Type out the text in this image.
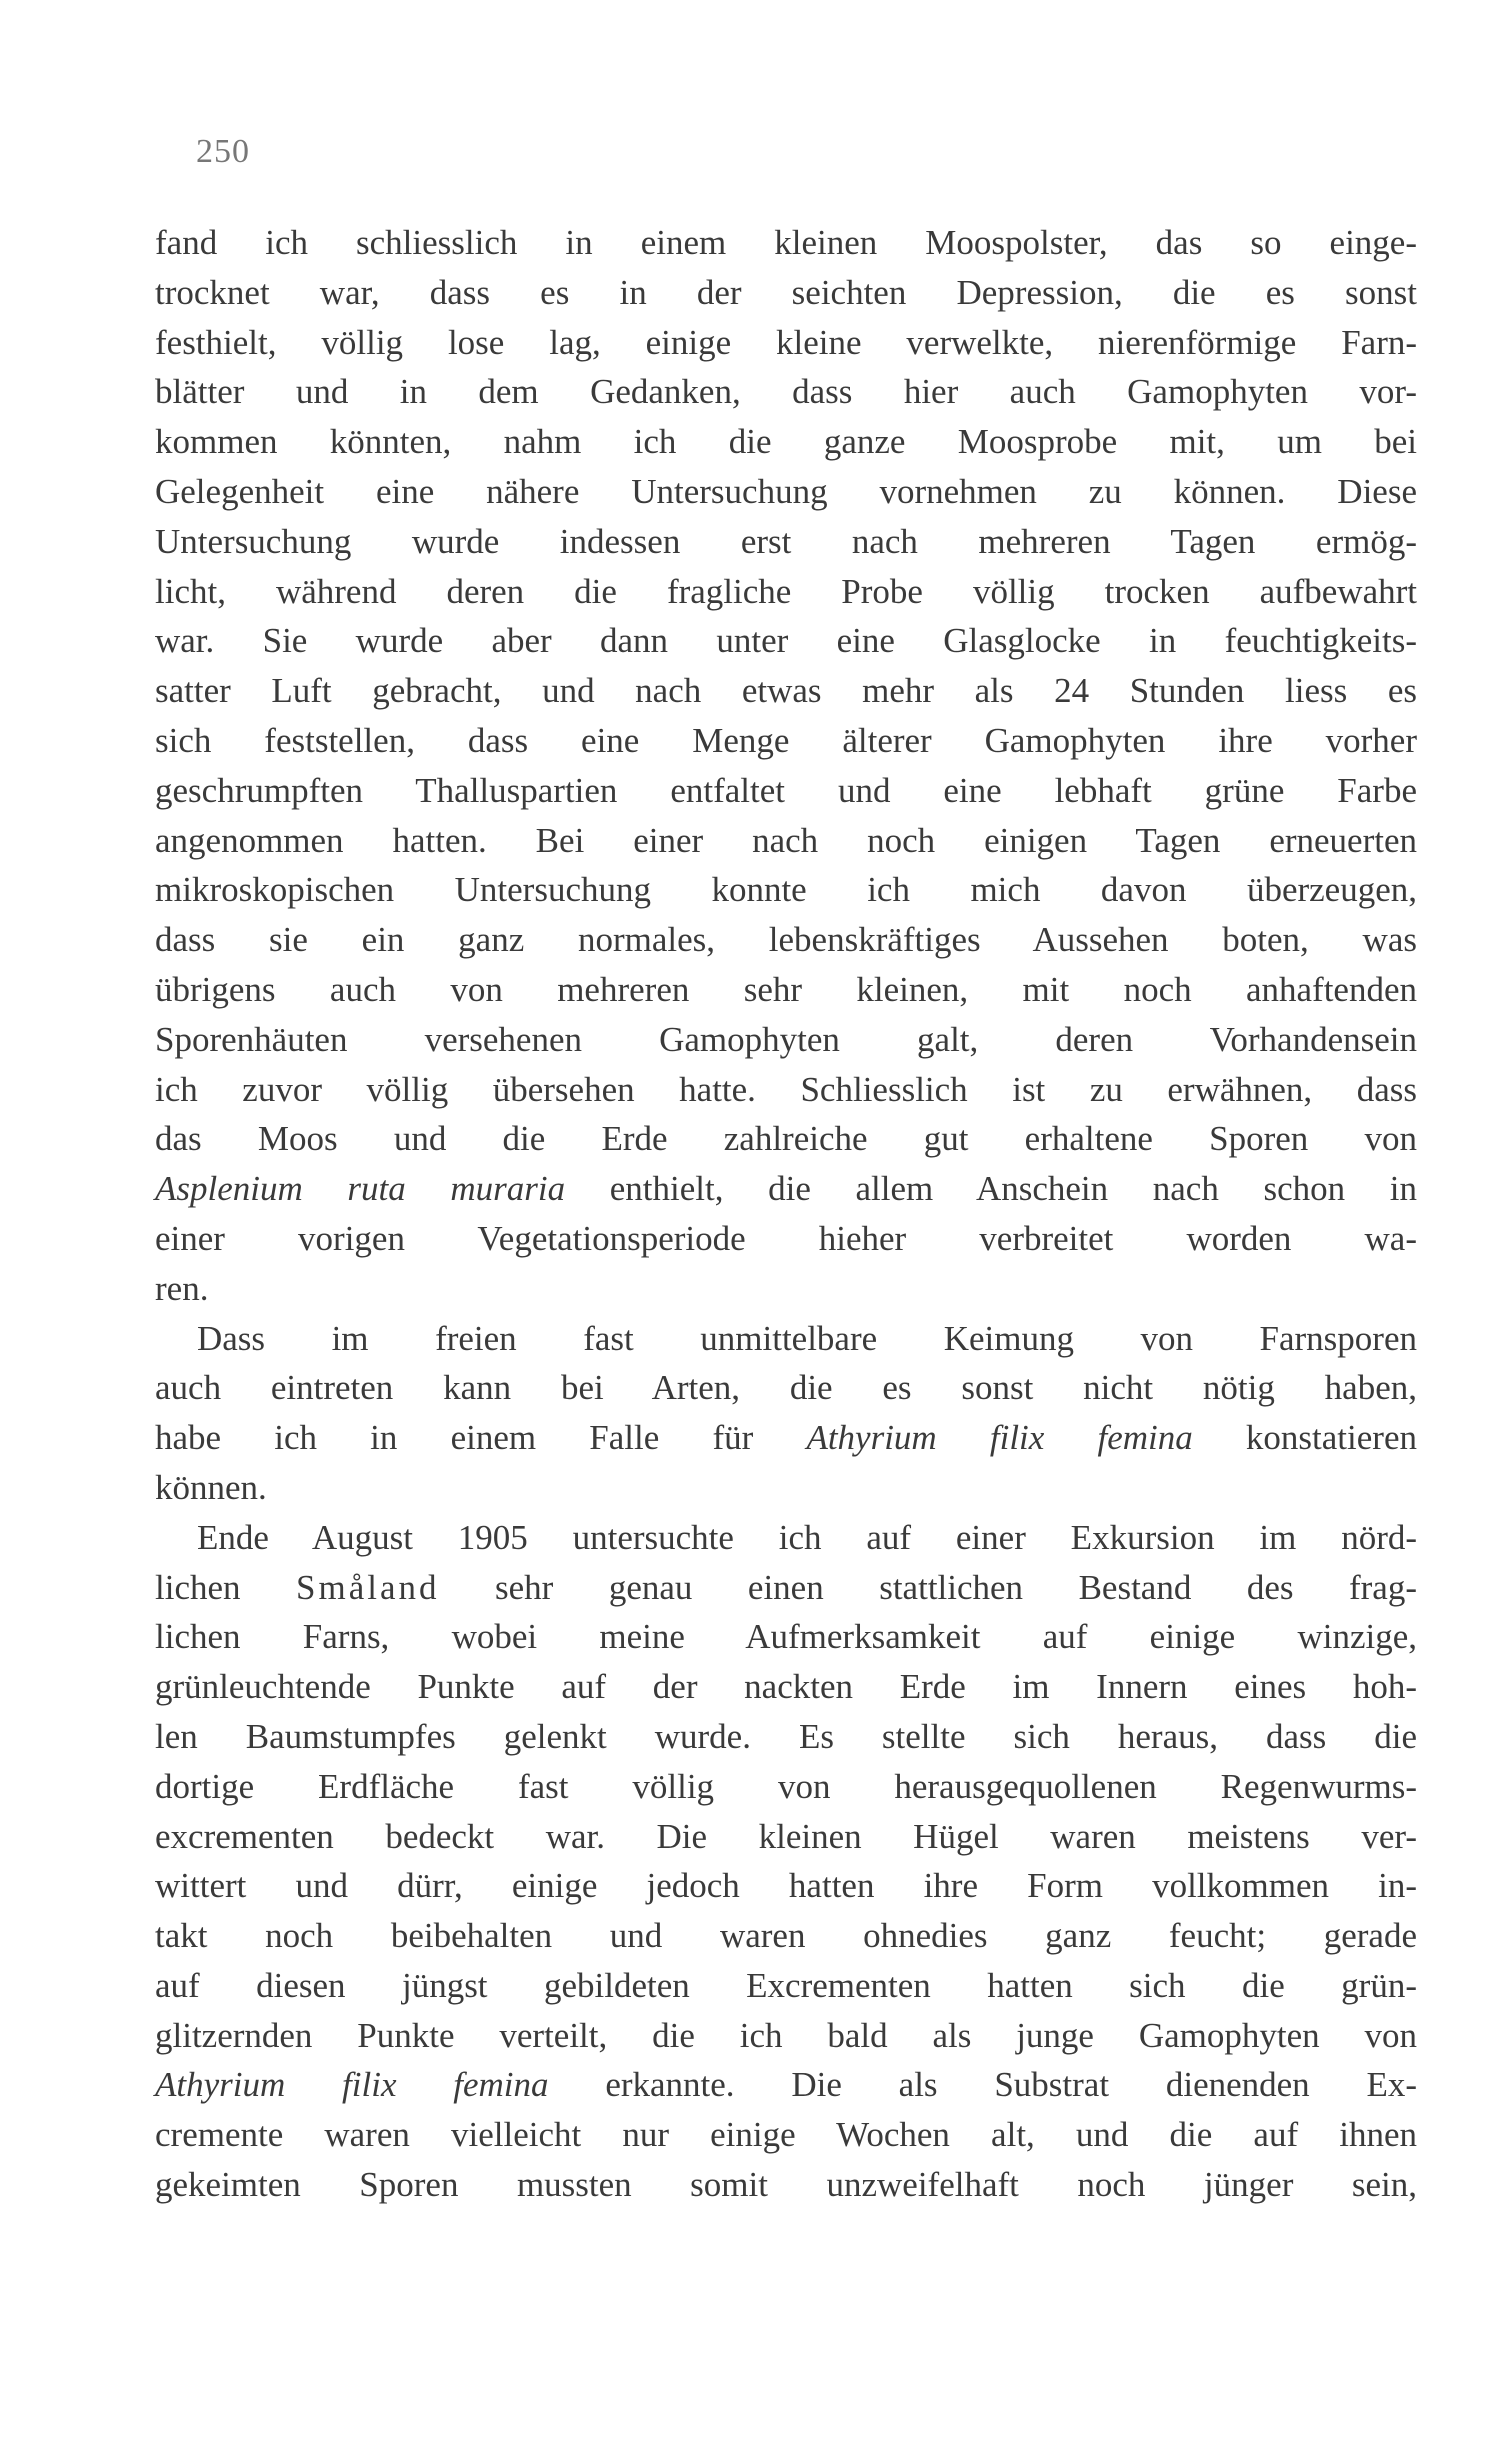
250
fand ich schliesslich in einem kleinen Moospolster, das so einge-
trocknet war, dass es in der seichten Depression, die es sonst
festhielt, völlig lose lag, einige kleine verwelkte, nierenförmige Farn-
blätter und in dem Gedanken, dass hier auch Gamophyten vor-
kommen könnten, nahm ich die ganze Moosprobe mit, um bei
Gelegenheit eine nähere Untersuchung vornehmen zu können. Diese
Untersuchung wurde indessen erst nach mehreren Tagen ermög-
licht, während deren die fragliche Probe völlig trocken aufbewahrt
war. Sie wurde aber dann unter eine Glasglocke in feuchtigkeits-
satter Luft gebracht, und nach etwas mehr als 24 Stunden liess es
sich feststellen, dass eine Menge älterer Gamophyten ihre vorher
geschrumpften Thalluspartien entfaltet und eine lebhaft grüne Farbe
angenommen hatten. Bei einer nach noch einigen Tagen erneuerten
mikroskopischen Untersuchung konnte ich mich davon überzeugen,
dass sie ein ganz normales, lebenskräftiges Aussehen boten, was
übrigens auch von mehreren sehr kleinen, mit noch anhaftenden
Sporenhäuten versehenen Gamophyten galt, deren Vorhandensein
ich zuvor völlig übersehen hatte. Schliesslich ist zu erwähnen, dass
das Moos und die Erde zahlreiche gut erhaltene Sporen von
Asplenium ruta muraria enthielt, die allem Anschein nach schon in
einer vorigen Vegetationsperiode hieher verbreitet worden wa-
ren.
Dass im freien fast unmittelbare Keimung von Farnsporen
auch eintreten kann bei Arten, die es sonst nicht nötig haben,
habe ich in einem Falle für Athyrium filix femina konstatieren
können.
Ende August 1905 untersuchte ich auf einer Exkursion im nörd-
lichen Småland sehr genau einen stattlichen Bestand des frag-
lichen Farns, wobei meine Aufmerksamkeit auf einige winzige,
grünleuchtende Punkte auf der nackten Erde im Innern eines hoh-
len Baumstumpfes gelenkt wurde. Es stellte sich heraus, dass die
dortige Erdfläche fast völlig von herausgequollenen Regenwurms-
excrementen bedeckt war. Die kleinen Hügel waren meistens ver-
wittert und dürr, einige jedoch hatten ihre Form vollkommen in-
takt noch beibehalten und waren ohnedies ganz feucht; gerade
auf diesen jüngst gebildeten Excrementen hatten sich die grün-
glitzernden Punkte verteilt, die ich bald als junge Gamophyten von
Athyrium filix femina erkannte. Die als Substrat dienenden Ex-
cremente waren vielleicht nur einige Wochen alt, und die auf ihnen
gekeimten Sporen mussten somit unzweifelhaft noch jünger sein,
